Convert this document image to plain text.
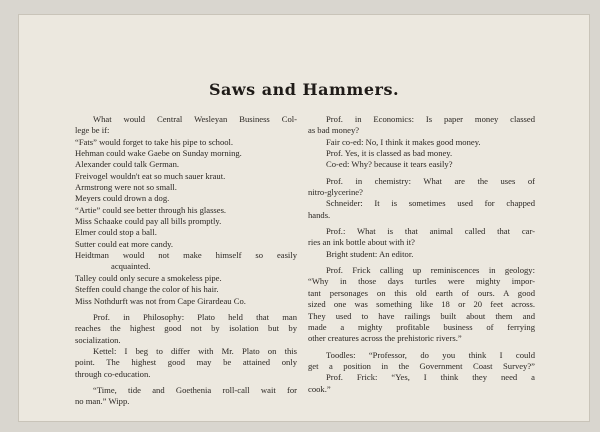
Saws and Hammers.
What would Central Wesleyan Business Col-
lege be if:
“Fats” would forget to take his pipe to school.
Hehman could wake Gaebe on Sunday morning.
Alexander could talk German.
Freivogel wouldn't eat so much sauer kraut.
Armstrong were not so small.
Meyers could drown a dog.
“Artie” could see better through his glasses.
Miss Schaake could pay all bills promptly.
Elmer could stop a ball.
Sutter could eat more candy.
Heidtman would not make himself so easily
acquainted.
Talley could only secure a smokeless pipe.
Steffen could change the color of his hair.
Miss Nothdurft was not from Cape Girardeau Co.
Prof. in Philosophy: Plato held that man
reaches the highest good not by isolation but by
socialization.
Kettel: I beg to differ with Mr. Plato on this
point. The highest good may be attained only
through co-education.
“Time, tide and Goethenia roll-call wait for
no man.” Wipp.
Prof. in Economics: Is paper money classed
as bad money?
Fair co-ed: No, I think it makes good money.
Prof. Yes, it is classed as bad money.
Co-ed: Why? because it tears easily?
Prof. in chemistry: What are the uses of
nitro-glycerine?
Schneider: It is sometimes used for chapped
hands.
Prof.: What is that animal called that car-
ries an ink bottle about with it?
Bright student: An editor.
Prof. Frick calling up reminiscences in geology:
“Why in those days turtles were mighty impor-
tant personages on this old earth of ours. A good
sized one was something like 18 or 20 feet across.
They used to have railings built about them and
made a mighty profitable business of ferrying
other creatures across the prehistoric rivers.”
Toodles: “Professor, do you think I could
get a position in the Government Coast Survey?”
Prof. Frick: “Yes, I think they need a
cook.”
